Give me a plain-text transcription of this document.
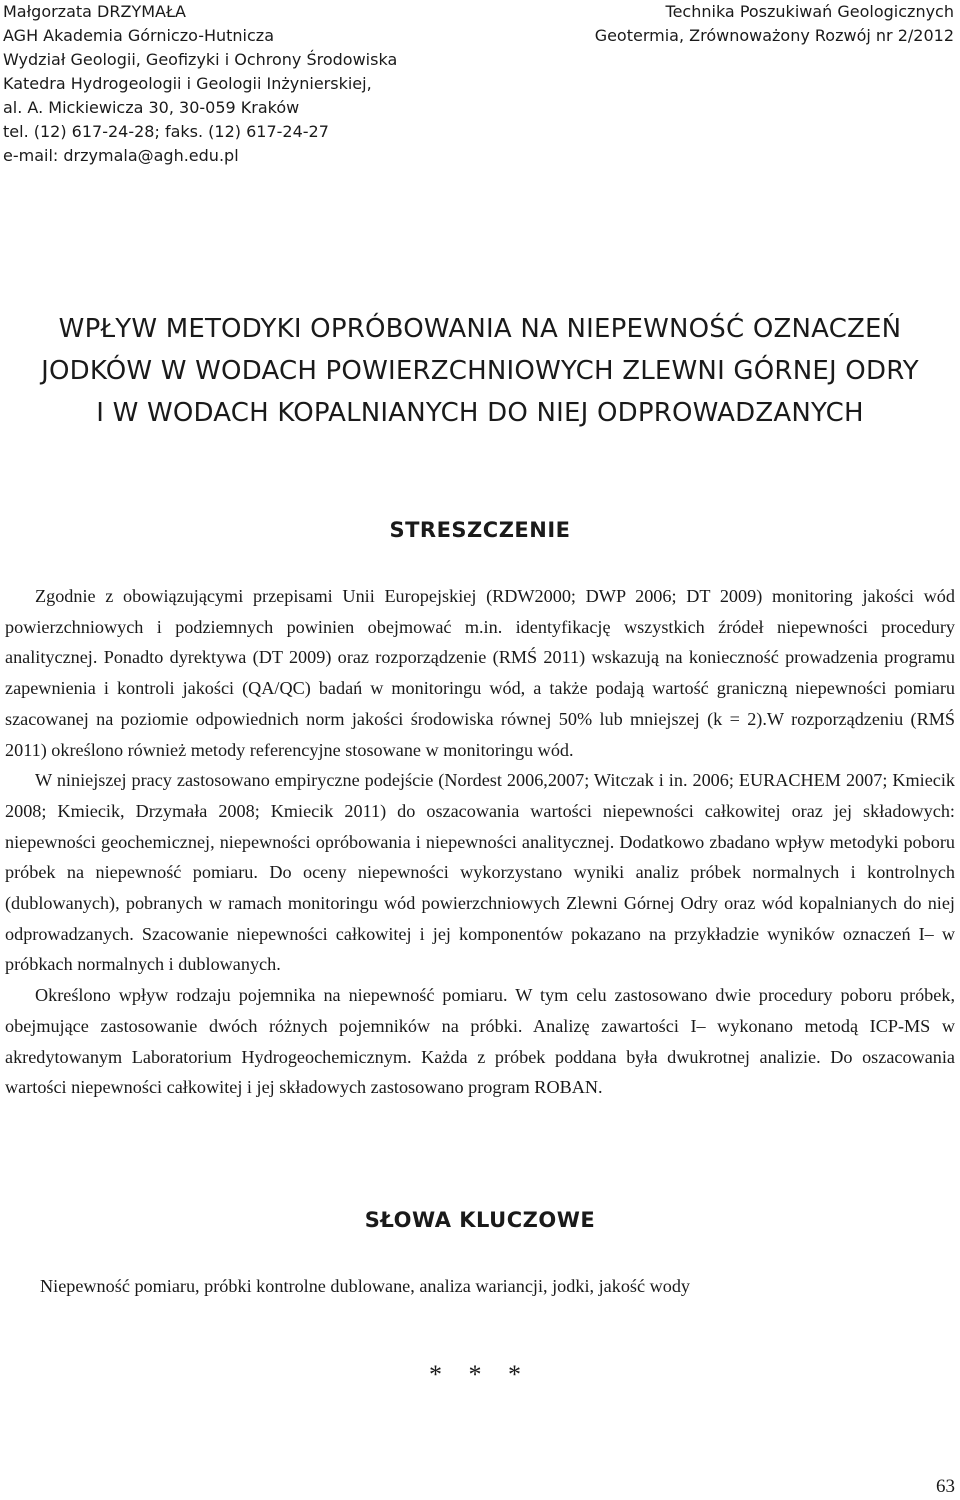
Małgorzata DRZYMAŁA
AGH Akademia Górniczo-Hutnicza
Wydział Geologii, Geofizyki i Ochrony Środowiska
Katedra Hydrogeologii i Geologii Inżynierskiej,
al. A. Mickiewicza 30, 30-059 Kraków
tel. (12) 617-24-28; faks. (12) 617-24-27
e-mail: drzymala@agh.edu.pl
Technika Poszukiwań Geologicznych
Geotermia, Zrównoważony Rozwój nr 2/2012
WPŁYW METODYKI OPRÓBOWANIA NA NIEPEWNOŚĆ OZNACZEŃ
JODKÓW W WODACH POWIERZCHNIOWYCH ZLEWNI GÓRNEJ ODRY
I W WODACH KOPALNIANYCH DO NIEJ ODPROWADZANYCH
STRESZCZENIE

Zgodnie z obowiązującymi przepisami Unii Europejskiej (RDW2000; DWP 2006; DT 2009) monitoring jakości wód powierzchniowych i podziemnych powinien obejmować m.in. identyfikację wszystkich źródeł niepewności procedury analitycznej. Ponadto dyrektywa (DT 2009) oraz rozporządzenie (RMŚ 2011) wskazują na konieczność prowadzenia programu zapewnienia i kontroli jakości (QA/QC) badań w monitoringu wód, a także podają wartość graniczną niepewności pomiaru szacowanej na poziomie odpowiednich norm jakości środowiska równej 50% lub mniejszej (k = 2).W rozporządzeniu (RMŚ 2011) określono również metody referencyjne stosowane w monitoringu wód.

W niniejszej pracy zastosowano empiryczne podejście (Nordest 2006,2007; Witczak i in. 2006; EURACHEM 2007; Kmiecik 2008; Kmiecik, Drzymała 2008; Kmiecik 2011) do oszacowania wartości niepewności całkowitej oraz jej składowych: niepewności geochemicznej, niepewności opróbowania i niepewności analitycznej. Dodatkowo zbadano wpływ metodyki poboru próbek na niepewność pomiaru. Do oceny niepewności wykorzystano wyniki analiz próbek normalnych i kontrolnych (dublowanych), pobranych w ramach monitoringu wód powierzchniowych Zlewni Górnej Odry oraz wód kopalnianych do niej odprowadzanych. Szacowanie niepewności całkowitej i jej komponentów pokazano na przykładzie wyników oznaczeń I– w próbkach normalnych i dublowanych.

Określono wpływ rodzaju pojemnika na niepewność pomiaru. W tym celu zastosowano dwie procedury poboru próbek, obejmujące zastosowanie dwóch różnych pojemników na próbki. Analizę zawartości I– wykonano metodą ICP-MS w akredytowanym Laboratorium Hydrogeochemicznym. Każda z próbek poddana była dwukrotnej analizie. Do oszacowania wartości niepewności całkowitej i jej składowych zastosowano program ROBAN.

SŁOWA KLUCZOWE
Niepewność pomiaru, próbki kontrolne dublowane, analiza wariancji, jodki, jakość wody
* * *
63
